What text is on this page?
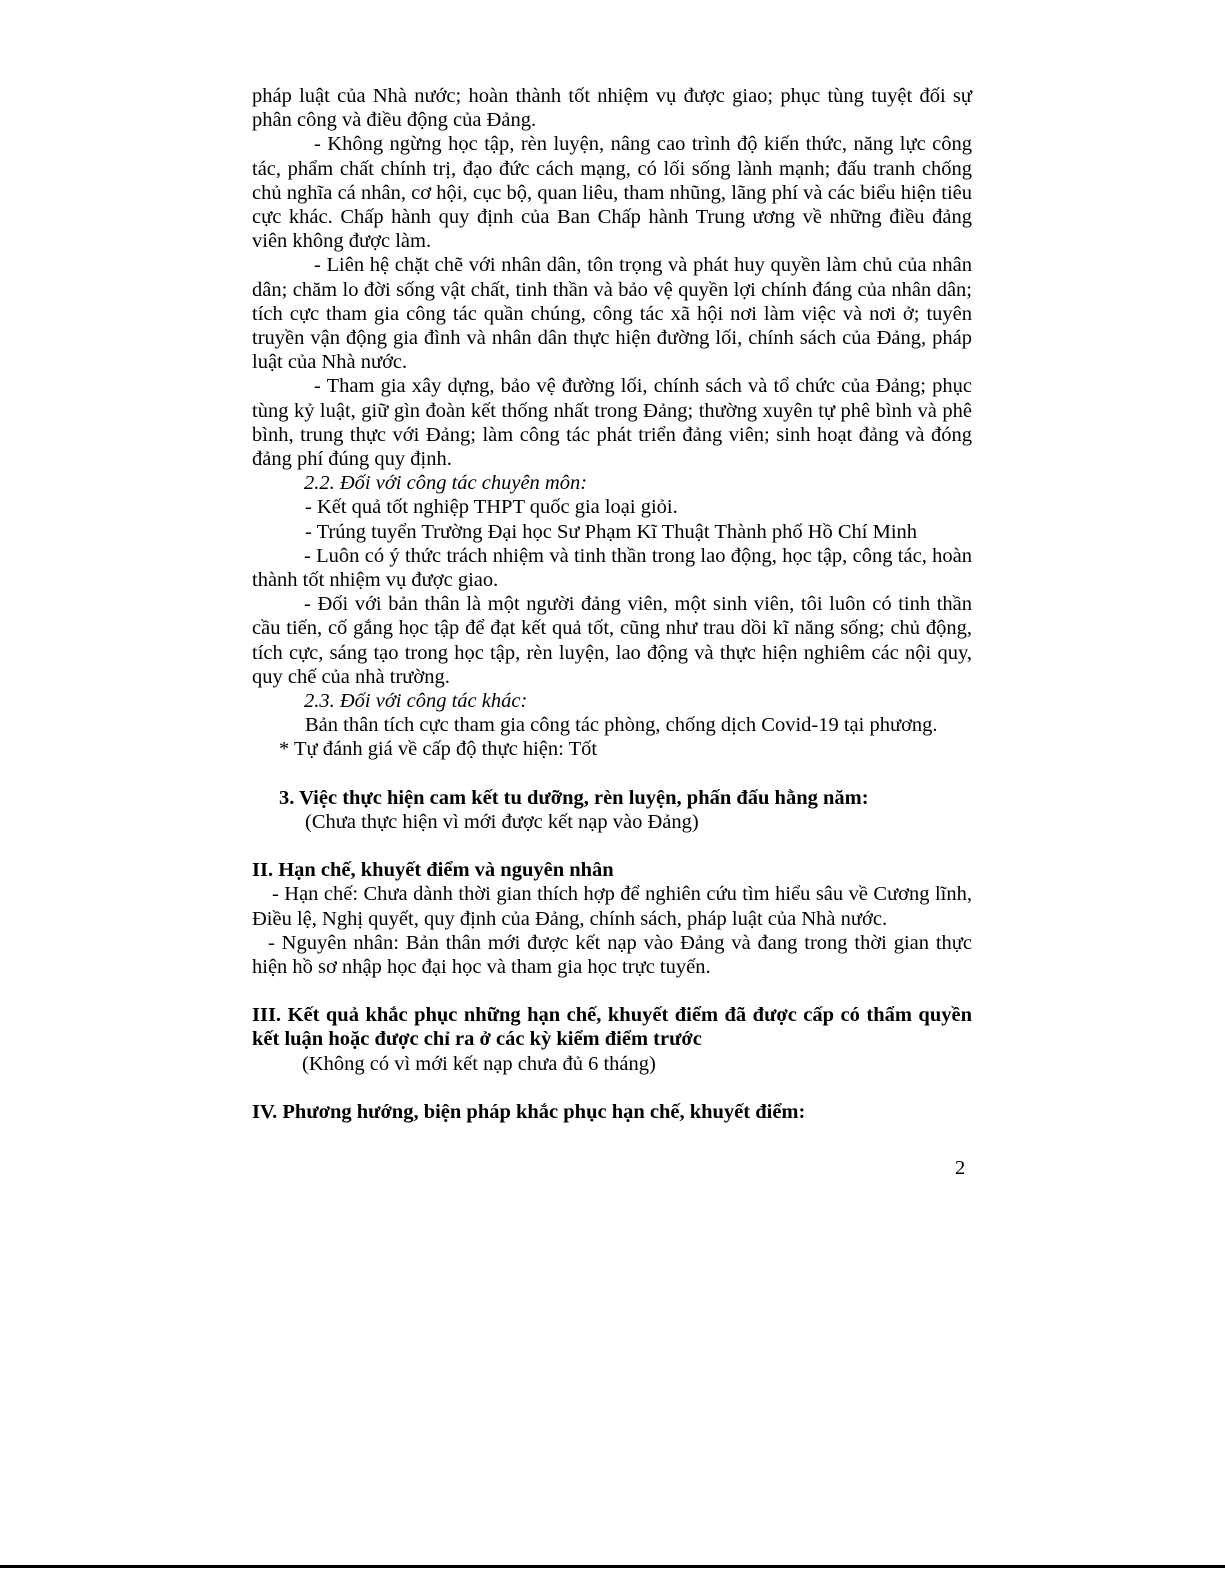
pháp luật của Nhà nước; hoàn thành tốt nhiệm vụ được giao; phục tùng tuyệt đối sự phân công và điều động của Đảng.

- Không ngừng học tập, rèn luyện, nâng cao trình độ kiến thức, năng lực công tác, phẩm chất chính trị, đạo đức cách mạng, có lối sống lành mạnh; đấu tranh chống chủ nghĩa cá nhân, cơ hội, cục bộ, quan liêu, tham nhũng, lãng phí và các biểu hiện tiêu cực khác. Chấp hành quy định của Ban Chấp hành Trung ương về những điều đảng viên không được làm.

- Liên hệ chặt chẽ với nhân dân, tôn trọng và phát huy quyền làm chủ của nhân dân; chăm lo đời sống vật chất, tinh thần và bảo vệ quyền lợi chính đáng của nhân dân; tích cực tham gia công tác quần chúng, công tác xã hội nơi làm việc và nơi ở; tuyên truyền vận động gia đình và nhân dân thực hiện đường lối, chính sách của Đảng, pháp luật của Nhà nước.

- Tham gia xây dựng, bảo vệ đường lối, chính sách và tổ chức của Đảng; phục tùng kỷ luật, giữ gìn đoàn kết thống nhất trong Đảng; thường xuyên tự phê bình và phê bình, trung thực với Đảng; làm công tác phát triển đảng viên; sinh hoạt đảng và đóng đảng phí đúng quy định.

2.2. Đối với công tác chuyên môn:

- Kết quả tốt nghiệp THPT quốc gia loại giỏi.

- Trúng tuyển Trường Đại học Sư Phạm Kĩ Thuật Thành phố Hồ Chí Minh

- Luôn có ý thức trách nhiệm và tinh thần trong lao động, học tập, công tác, hoàn thành tốt nhiệm vụ được giao.

- Đối với bản thân là một người đảng viên, một sinh viên, tôi luôn có tinh thần cầu tiến, cố gắng học tập để đạt kết quả tốt, cũng như trau dồi kĩ năng sống; chủ động, tích cực, sáng tạo trong học tập, rèn luyện, lao động và thực hiện nghiêm các nội quy, quy chế của nhà trường.

2.3. Đối với công tác khác:

Bản thân tích cực tham gia công tác phòng, chống dịch Covid-19 tại phương.

* Tự đánh giá về cấp độ thực hiện: Tốt

3. Việc thực hiện cam kết tu dưỡng, rèn luyện, phấn đấu hằng năm:

(Chưa thực hiện vì mới được kết nạp vào Đảng)

II. Hạn chế, khuyết điểm và nguyên nhân

- Hạn chế: Chưa dành thời gian thích hợp để nghiên cứu tìm hiểu sâu về Cương lĩnh, Điều lệ, Nghị quyết, quy định của Đảng, chính sách, pháp luật của Nhà nước.

- Nguyên nhân: Bản thân mới được kết nạp vào Đảng và đang trong thời gian thực hiện hồ sơ nhập học đại học và tham gia học trực tuyến.

III. Kết quả khắc phục những hạn chế, khuyết điểm đã được cấp có thẩm quyền kết luận hoặc được chỉ ra ở các kỳ kiểm điểm trước

(Không có vì mới kết nạp chưa đủ 6 tháng)

IV. Phương hướng, biện pháp khắc phục hạn chế, khuyết điểm:

2
